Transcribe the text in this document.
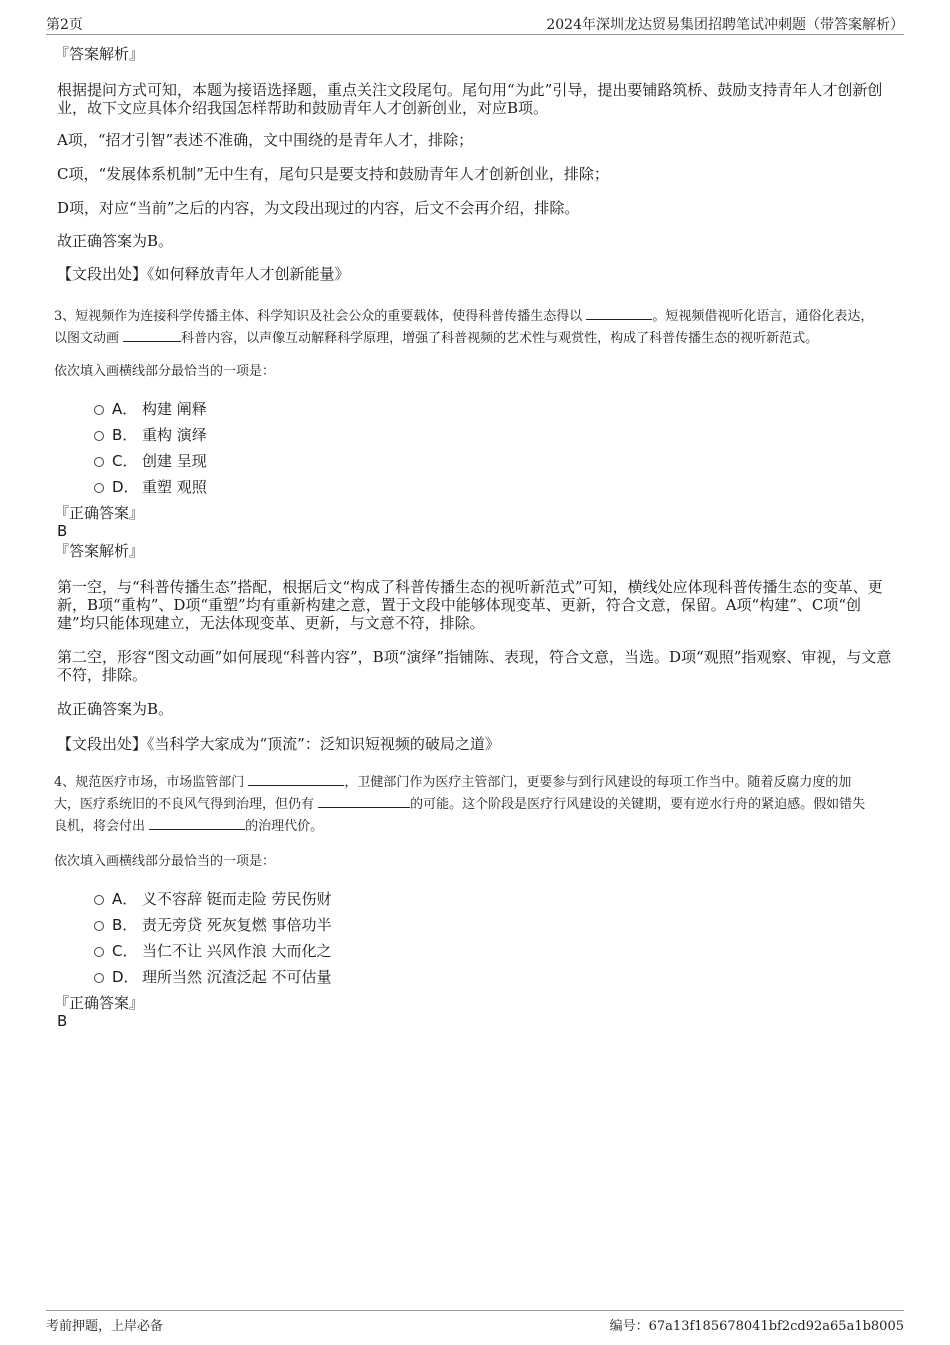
第2页	2024年深圳龙达贸易集团招聘笔试冲刺题（带答案解析）

『答案解析』

根据提问方式可知，本题为接语选择题，重点关注文段尾句。尾句用“为此”引导，提出要铺路筑桥、鼓励支持青年人才创新创业，故下文应具体介绍我国怎样帮助和鼓励青年人才创新创业，对应B项。

A项，“招才引智”表述不准确，文中围绕的是青年人才，排除；

C项，“发展体系机制”无中生有，尾句只是要支持和鼓励青年人才创新创业，排除；

D项，对应“当前”之后的内容，为文段出现过的内容，后文不会再介绍，排除。

故正确答案为B。

【文段出处】《如何释放青年人才创新能量》

3、短视频作为连接科学传播主体、科学知识及社会公众的重要载体，使得科普传播生态得以	。短视频借视听化语言，通俗化表达，
以图文动画	科普内容，以声像互动解释科学原理，增强了科普视频的艺术性与观赏性，构成了科普传播生态的视听新范式。

依次填入画横线部分最恰当的一项是：

A． 构建 阐释
B． 重构 演绎
C． 创建 呈现
D． 重塑 观照

『正确答案』

B

『答案解析』

第一空，与“科普传播生态”搭配，根据后文“构成了科普传播生态的视听新范式”可知，横线处应体现科普传播生态的变革、更新，B项“重构”、D项“重塑”均有重新构建之意，置于文段中能够体现变革、更新，符合文意，保留。A项“构建”、C项“创建”均只能体现建立，无法体现变革、更新，与文意不符，排除。

第二空，形容“图文动画”如何展现“科普内容”，B项“演绎”指铺陈、表现，符合文意，当选。D项“观照”指观察、审视，与文意不符，排除。

故正确答案为B。

【文段出处】《当科学大家成为“顶流”：泛知识短视频的破局之道》

4、规范医疗市场，市场监管部门	，卫健部门作为医疗主管部门，更要参与到行风建设的每项工作当中。随着反腐力度的加
大，医疗系统旧的不良风气得到治理，但仍有	的可能。这个阶段是医疗行风建设的关键期，要有逆水行舟的紧迫感。假如错失
良机，将会付出	的治理代价。

依次填入画横线部分最恰当的一项是：

A． 义不容辞 铤而走险 劳民伤财
B． 责无旁贷 死灰复燃 事倍功半
C． 当仁不让 兴风作浪 大而化之
D． 理所当然 沉渣泛起 不可估量

『正确答案』

B

考前押题，上岸必备	编号：67a13f185678041bf2cd92a65a1b8005
